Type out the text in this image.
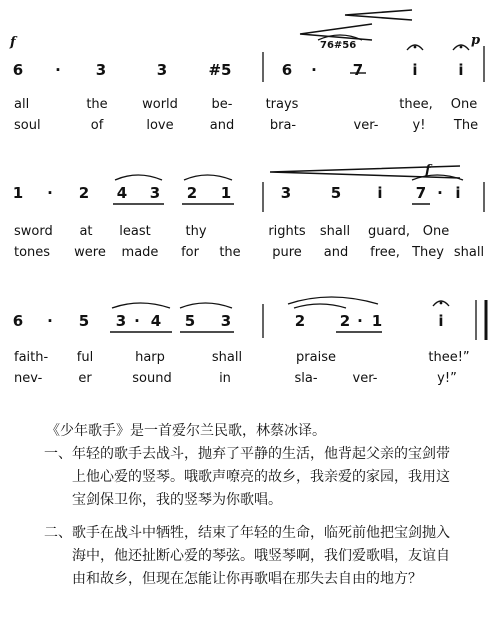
f	p
76#56
6 · 3	3	#5	6 · 7	i	i
all	the	world	be-	trays	thee, One
soul	of	love	and	bra-	ver-	y! The
f
1 · 2 4 3 2 1	3	5 i 7 · i
sword at least	thy	rights shall guard, One
tones were made for the pure and free, They shall
6 · 5 3 · 4 5 3	2 2 · 1	i
faith- ful	harp	shall	praise	thee!”
nev-	er	sound	in	sla-	ver-	y!”

《少年歌手》是一首爱尔兰民歌，林蔡冰译。

一、年轻的歌手去战斗，抛弃了平静的生活，他背起父亲的宝剑带

上他心爱的竖琴。哦歌声嘹亮的故乡，我亲爱的家园，我用这

宝剑保卫你，我的竖琴为你歌唱。

二、歌手在战斗中牺牲，结束了年轻的生命，临死前他把宝剑抛入

海中，他还扯断心爱的琴弦。哦竖琴啊，我们爱歌唱，友谊自

由和故乡，但现在怎能让你再歌唱在那失去自由的地方？
